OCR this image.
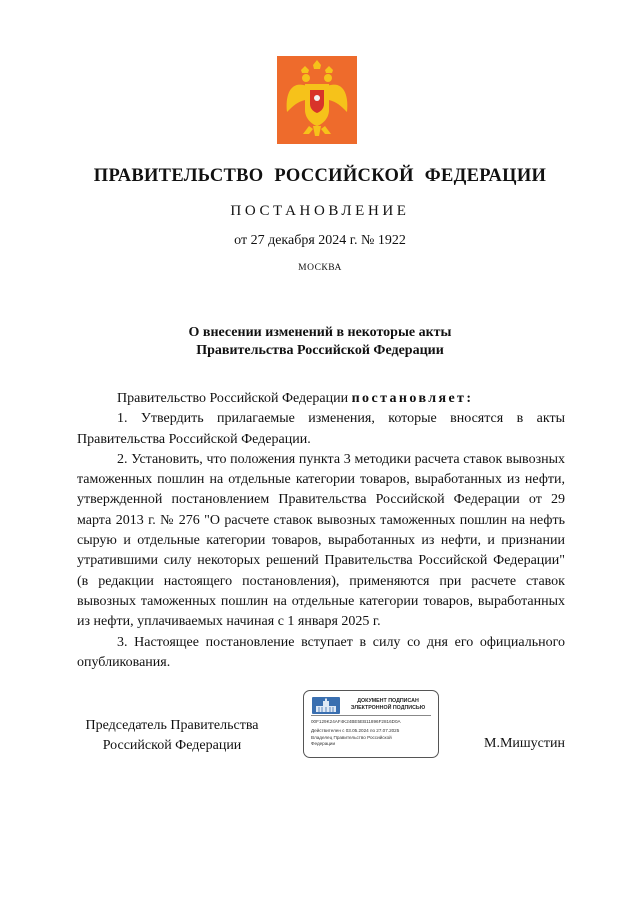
ПРАВИТЕЛЬСТВО РОССИЙСКОЙ ФЕДЕРАЦИИ
ПОСТАНОВЛЕНИЕ
от 27 декабря 2024 г. № 1922
МОСКВА
О внесении изменений в некоторые акты
Правительства Российской Федерации

Правительство Российской Федерации постановляет:

1. Утвердить прилагаемые изменения, которые вносятся в акты Правительства Российской Федерации.

2. Установить, что положения пункта 3 методики расчета ставок вывозных таможенных пошлин на отдельные категории товаров, выработанных из нефти, утвержденной постановлением Правительства Российской Федерации от 29 марта 2013 г. № 276 "О расчете ставок вывозных таможенных пошлин на нефть сырую и отдельные категории товаров, выработанных из нефти, и признании утратившими силу некоторых решений Правительства Российской Федерации" (в редакции настоящего постановления), применяются при расчете ставок вывозных таможенных пошлин на отдельные категории товаров, выработанных из нефти, уплачиваемых начиная с 1 января 2025 г.

3. Настоящее постановление вступает в силу со дня его официального опубликования.

Председатель Правительства
Российской Федерации
ДОКУМЕНТ ПОДПИСАН
ЭЛЕКТРОННОЙ ПОДПИСЬЮ
00F129K24AF4K24BE5EB11896F2816D0A
Действителен с 03.05.2024 по 27.07.2025
Владелец Правительство Российской
Федерации	М.Мишустин
